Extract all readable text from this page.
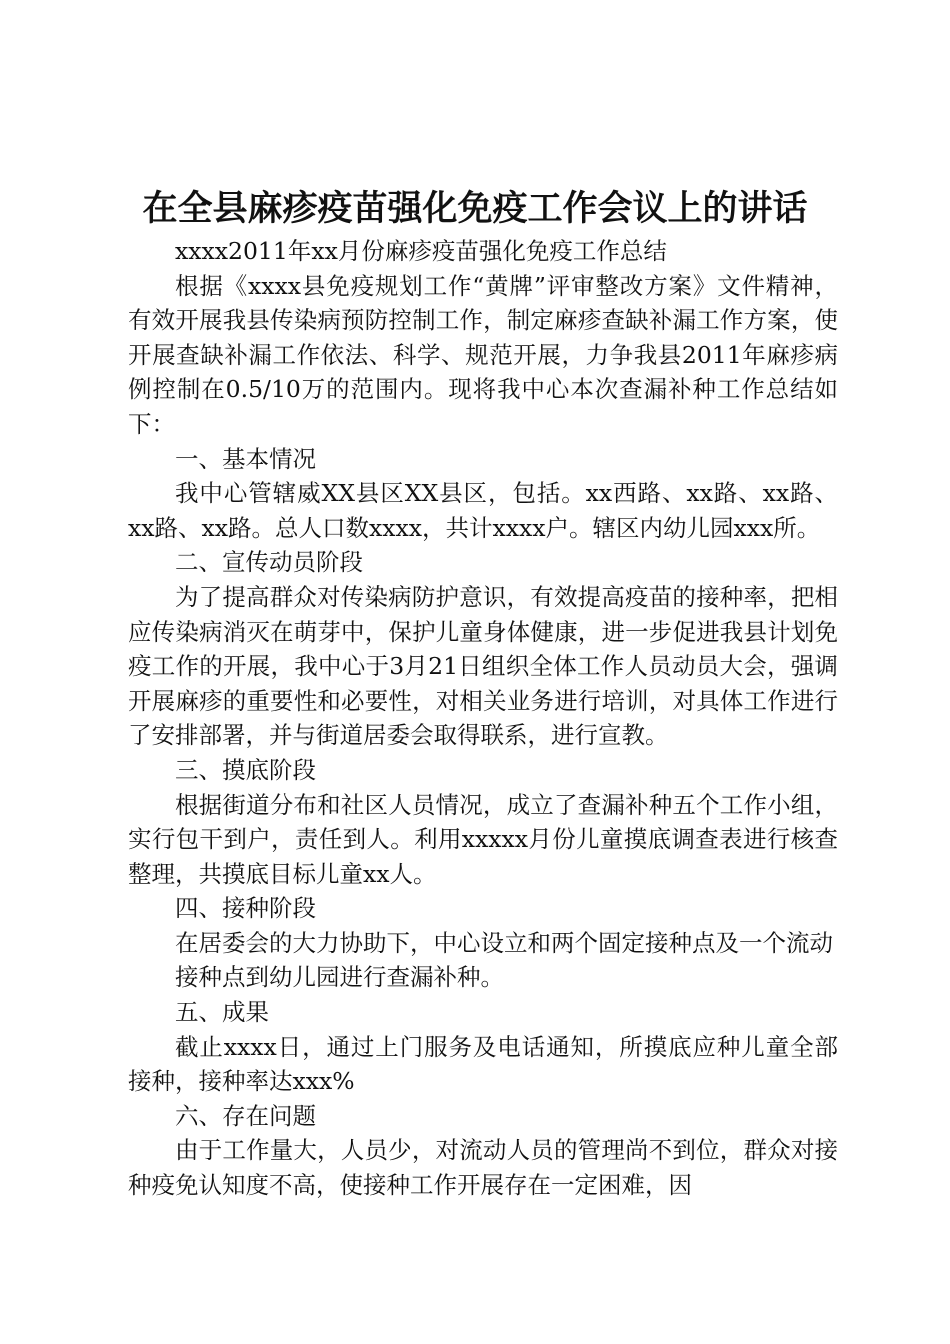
在全县麻疹疫苗强化免疫工作会议上的讲话

xxxx2011年xx月份麻疹疫苗强化免疫工作总结

根据《xxxx县免疫规划工作“黄牌”评审整改方案》文件精神，有效开展我县传染病预防控制工作，制定麻疹查缺补漏工作方案，使开展查缺补漏工作依法、科学、规范开展，力争我县2011年麻疹病例控制在0.5/10万的范围内。现将我中心本次查漏补种工作总结如下：

一、基本情况

我中心管辖威XX县区XX县区，包括。xx西路、xx路、xx路、xx路、xx路。总人口数xxxx，共计xxxx户。辖区内幼儿园xxx所。

二、宣传动员阶段

为了提高群众对传染病防护意识，有效提高疫苗的接种率，把相应传染病消灭在萌芽中，保护儿童身体健康，进一步促进我县计划免疫工作的开展，我中心于3月21日组织全体工作人员动员大会，强调开展麻疹的重要性和必要性，对相关业务进行培训，对具体工作进行了安排部署，并与街道居委会取得联系，进行宣教。

三、摸底阶段

根据街道分布和社区人员情况，成立了查漏补种五个工作小组，实行包干到户，责任到人。利用xxxxx月份儿童摸底调查表进行核查整理，共摸底目标儿童xx人。

四、接种阶段

在居委会的大力协助下，中心设立和两个固定接种点及一个流动

接种点到幼儿园进行查漏补种。

五、成果

截止xxxx日，通过上门服务及电话通知，所摸底应种儿童全部接种，接种率达xxx%

六、存在问题

由于工作量大，人员少，对流动人员的管理尚不到位，群众对接种疫免认知度不高，使接种工作开展存在一定困难，因
